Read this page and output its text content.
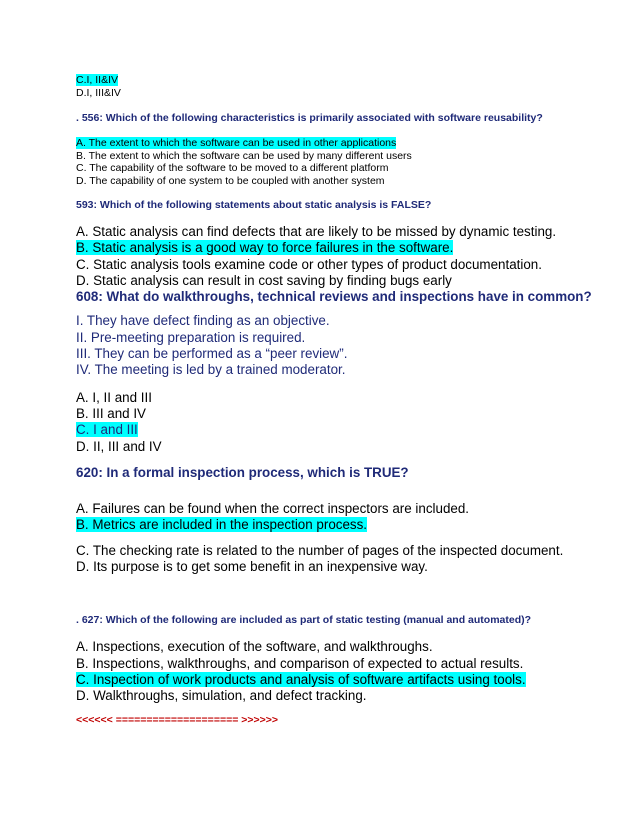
C.I, II&IV
D.I, III&IV
. 556: Which of the following characteristics is primarily associated with software reusability?
A. The extent to which the software can be used in other applications
B. The extent to which the software can be used by many different users
C. The capability of the software to be moved to a different platform
D. The capability of one system to be coupled with another system
593: Which of the following statements about static analysis is FALSE?
A. Static analysis can find defects that are likely to be missed by dynamic testing.
B. Static analysis is a good way to force failures in the software.
C. Static analysis tools examine code or other types of product documentation.
D. Static analysis can result in cost saving by finding bugs early
608: What do walkthroughs, technical reviews and inspections have in common?
I. They have defect finding as an objective.
II. Pre-meeting preparation is required.
III. They can be performed as a “peer review”.
IV. The meeting is led by a trained moderator.
A. I, II and III
B. III and IV
C. I and III
D. II, III and IV
620: In a formal inspection process, which is TRUE?
A. Failures can be found when the correct inspectors are included.
B. Metrics are included in the inspection process.
C. The checking rate is related to the number of pages of the inspected document.
D. Its purpose is to get some benefit in an inexpensive way.
. 627: Which of the following are included as part of static testing (manual and automated)?
A. Inspections, execution of the software, and walkthroughs.
B. Inspections, walkthroughs, and comparison of expected to actual results.
C. Inspection of work products and analysis of software artifacts using tools.
D. Walkthroughs, simulation, and defect tracking.
<<<<<< ==================== >>>>>>
